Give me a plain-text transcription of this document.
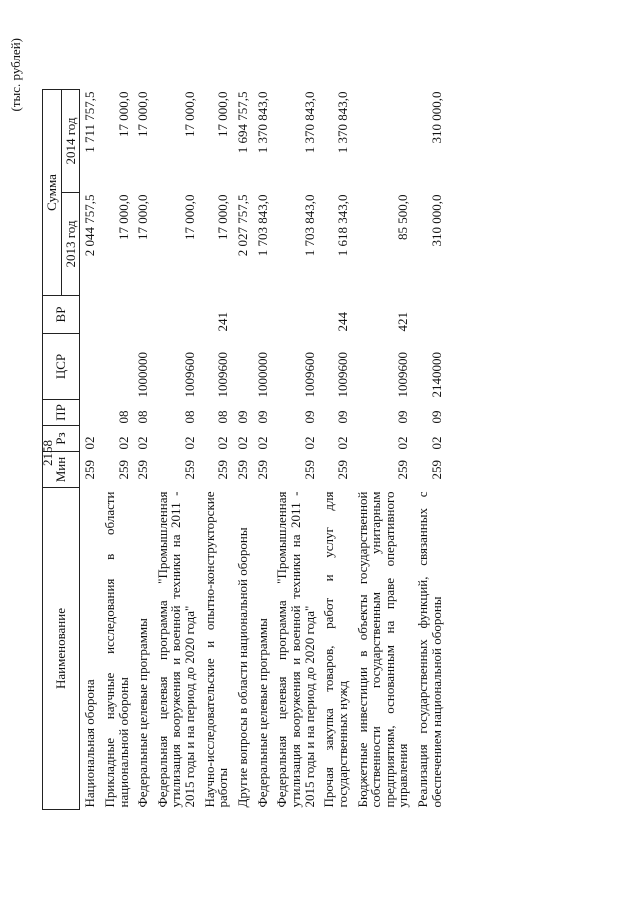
(тыс. рублей)
Наименование	Мин	Рз	ПР	ЦСР	ВР	Сумма	
						2013 год	2014 год
Национальная оборона	259	02				2 044 757,5	1 711 757,5
Прикладные научные исследования в области национальной обороны	259	02	08			17 000,0	17 000,0
Федеральные целевые программы	259	02	08	1000000		17 000,0	17 000,0
Федеральная целевая программа "Промышленная утилизация вооружения и военной техники на 2011 - 2015 годы и на период до 2020 года"	259	02	08	1009600		17 000,0	17 000,0
Научно-исследовательские и опытно-конструкторские работы	259	02	08	1009600	241	17 000,0	17 000,0
Другие вопросы в области национальной обороны	259	02	09			2 027 757,5	1 694 757,5
Федеральные целевые программы	259	02	09	1000000		1 703 843,0	1 370 843,0
Федеральная целевая программа "Промышленная утилизация вооружения и военной техники на 2011 - 2015 годы и на период до 2020 года"	259	02	09	1009600		1 703 843,0	1 370 843,0
Прочая закупка товаров, работ и услуг для государственных нужд	259	02	09	1009600	244	1 618 343,0	1 370 843,0
Бюджетные инвестиции в объекты государственной собственности государственным унитарным предприятиям, основанным на праве оперативного управления	259	02	09	1009600	421	85 500,0	
Реализация государственных функций, связанных с обеспечением национальной обороны	259	02	09	2140000		310 000,0	310 000,0
2158
